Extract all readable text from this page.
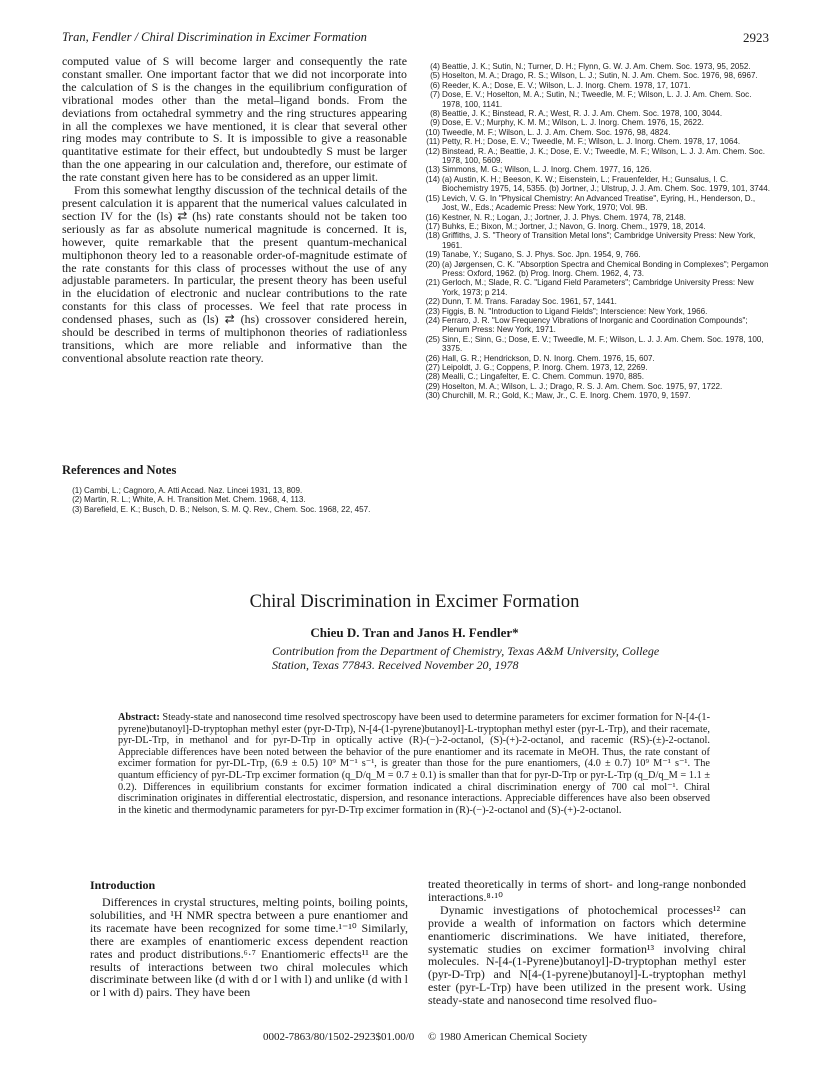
Tran, Fendler / Chiral Discrimination in Excimer Formation	2923

computed value of S will become larger and consequently the rate constant smaller. One important factor that we did not incorporate into the calculation of S is the changes in the equilibrium configuration of vibrational modes other than the metal–ligand bonds. From the deviations from octahedral symmetry and the ring structures appearing in all the complexes we have mentioned, it is clear that several other ring modes may contribute to S. It is impossible to give a reasonable quantitative estimate for their effect, but undoubtedly S must be larger than the one appearing in our calculation and, therefore, our estimate of the rate constant given here has to be considered as an upper limit.

From this somewhat lengthy discussion of the technical details of the present calculation it is apparent that the numerical values calculated in section IV for the (ls) ⇄ (hs) rate constants should not be taken too seriously as far as absolute numerical magnitude is concerned. It is, however, quite remarkable that the present quantum-mechanical multiphonon theory led to a reasonable order-of-magnitude estimate of the rate constants for this class of processes without the use of any adjustable parameters. In particular, the present theory has been useful in the elucidation of electronic and nuclear contributions to the rate constants for this class of processes. We feel that rate process in condensed phases, such as (ls) ⇄ (hs) crossover considered herein, should be described in terms of multiphonon theories of radiationless transitions, which are more reliable and informative than the conventional absolute reaction rate theory.

References and Notes
(1) Cambi, L.; Cagnoro, A. Atti Accad. Naz. Lincei 1931, 13, 809.
(2) Martin, R. L.; White, A. H. Transition Met. Chem. 1968, 4, 113.
(3) Barefield, E. K.; Busch, D. B.; Nelson, S. M. Q. Rev., Chem. Soc. 1968, 22, 457.
(4) Beattie, J. K.; Sutin, N.; Turner, D. H.; Flynn, G. W. J. Am. Chem. Soc. 1973, 95, 2052.
(5) Hoselton, M. A.; Drago, R. S.; Wilson, L. J.; Sutin, N. J. Am. Chem. Soc. 1976, 98, 6967.
(6) Reeder, K. A.; Dose, E. V.; Wilson, L. J. Inorg. Chem. 1978, 17, 1071.
(7) Dose, E. V.; Hoselton, M. A.; Sutin, N.; Tweedle, M. F.; Wilson, L. J. J. Am. Chem. Soc. 1978, 100, 1141.
(8) Beattie, J. K.; Binstead, R. A.; West, R. J. J. Am. Chem. Soc. 1978, 100, 3044.
(9) Dose, E. V.; Murphy, K. M. M.; Wilson, L. J. Inorg. Chem. 1976, 15, 2622.
(10) Tweedle, M. F.; Wilson, L. J. J. Am. Chem. Soc. 1976, 98, 4824.
(11) Petty, R. H.; Dose, E. V.; Tweedle, M. F.; Wilson, L. J. Inorg. Chem. 1978, 17, 1064.
(12) Binstead, R. A.; Beattie, J. K.; Dose, E. V.; Tweedle, M. F.; Wilson, L. J. J. Am. Chem. Soc. 1978, 100, 5609.
(13) Simmons, M. G.; Wilson, L. J. Inorg. Chem. 1977, 16, 126.
(14) (a) Austin, K. H.; Beeson, K. W.; Eisenstein, L.; Frauenfelder, H.; Gunsalus, I. C. Biochemistry 1975, 14, 5355. (b) Jortner, J.; Ulstrup, J. J. Am. Chem. Soc. 1979, 101, 3744.
(15) Levich, V. G. In "Physical Chemistry: An Advanced Treatise", Eyring, H., Henderson, D., Jost, W., Eds.; Academic Press: New York, 1970; Vol. 9B.
(16) Kestner, N. R.; Logan, J.; Jortner, J. J. Phys. Chem. 1974, 78, 2148.
(17) Buhks, E.; Bixon, M.; Jortner, J.; Navon, G. Inorg. Chem., 1979, 18, 2014.
(18) Griffiths, J. S. "Theory of Transition Metal Ions"; Cambridge University Press: New York, 1961.
(19) Tanabe, Y.; Sugano, S. J. Phys. Soc. Jpn. 1954, 9, 766.
(20) (a) Jørgensen, C. K. "Absorption Spectra and Chemical Bonding in Complexes"; Pergamon Press: Oxford, 1962. (b) Prog. Inorg. Chem. 1962, 4, 73.
(21) Gerloch, M.; Slade, R. C. "Ligand Field Parameters"; Cambridge University Press: New York, 1973; p 214.
(22) Dunn, T. M. Trans. Faraday Soc. 1961, 57, 1441.
(23) Figgis, B. N. "Introduction to Ligand Fields"; Interscience: New York, 1966.
(24) Ferraro, J. R. "Low Frequency Vibrations of Inorganic and Coordination Compounds"; Plenum Press: New York, 1971.
(25) Sinn, E.; Sinn, G.; Dose, E. V.; Tweedle, M. F.; Wilson, L. J. J. Am. Chem. Soc. 1978, 100, 3375.
(26) Hall, G. R.; Hendrickson, D. N. Inorg. Chem. 1976, 15, 607.
(27) Leipoldt, J. G.; Coppens, P. Inorg. Chem. 1973, 12, 2269.
(28) Mealli, C.; Lingafelter, E. C. Chem. Commun. 1970, 885.
(29) Hoselton, M. A.; Wilson, L. J.; Drago, R. S. J. Am. Chem. Soc. 1975, 97, 1722.
(30) Churchill, M. R.; Gold, K.; Maw, Jr., C. E. Inorg. Chem. 1970, 9, 1597.
Chiral Discrimination in Excimer Formation
Chieu D. Tran and Janos H. Fendler*
Contribution from the Department of Chemistry, Texas A&M University, College Station, Texas 77843. Received November 20, 1978
Abstract: Steady-state and nanosecond time resolved spectroscopy have been used to determine parameters for excimer formation for N-[4-(1-pyrene)butanoyl]-D-tryptophan methyl ester (pyr-D-Trp), N-[4-(1-pyrene)butanoyl]-L-tryptophan methyl ester (pyr-L-Trp), and their racemate, pyr-DL-Trp, in methanol and for pyr-D-Trp in optically active (R)-(−)-2-octanol, (S)-(+)-2-octanol, and racemic (RS)-(±)-2-octanol. Appreciable differences have been noted between the behavior of the pure enantiomer and its racemate in MeOH. Thus, the rate constant of excimer formation for pyr-DL-Trp, (6.9 ± 0.5) 10⁹ M⁻¹ s⁻¹, is greater than those for the pure enantiomers, (4.0 ± 0.7) 10⁹ M⁻¹ s⁻¹. The quantum efficiency of pyr-DL-Trp excimer formation (q_D/q_M = 0.7 ± 0.1) is smaller than that for pyr-D-Trp or pyr-L-Trp (q_D/q_M = 1.1 ± 0.2). Differences in equilibrium constants for excimer formation indicated a chiral discrimination energy of 700 cal mol⁻¹. Chiral discrimination originates in differential electrostatic, dispersion, and resonance interactions. Appreciable differences have also been observed in the kinetic and thermodynamic parameters for pyr-D-Trp excimer formation in (R)-(−)-2-octanol and (S)-(+)-2-octanol.
Introduction
Differences in crystal structures, melting points, boiling points, solubilities, and ¹H NMR spectra between a pure enantiomer and its racemate have been recognized for some time.¹⁻¹⁰ Similarly, there are examples of enantiomeric excess dependent reaction rates and product distributions.⁶·⁷ Enantiomeric effects¹¹ are the results of interactions between two chiral molecules which discriminate between like (d with d or l with l) and unlike (d with l or l with d) pairs. They have been

treated theoretically in terms of short- and long-range nonbonded interactions.⁸·¹⁰

Dynamic investigations of photochemical processes¹² can provide a wealth of information on factors which determine enantiomeric discriminations. We have initiated, therefore, systematic studies on excimer formation¹³ involving chiral molecules. N-[4-(1-Pyrene)butanoyl]-D-tryptophan methyl ester (pyr-D-Trp) and N[4-(1-pyrene)butanoyl]-L-tryptophan methyl ester (pyr-L-Trp) have been utilized in the present work. Using steady-state and nanosecond time resolved fluo-

0002-7863/80/1502-2923$01.00/0 © 1980 American Chemical Society
